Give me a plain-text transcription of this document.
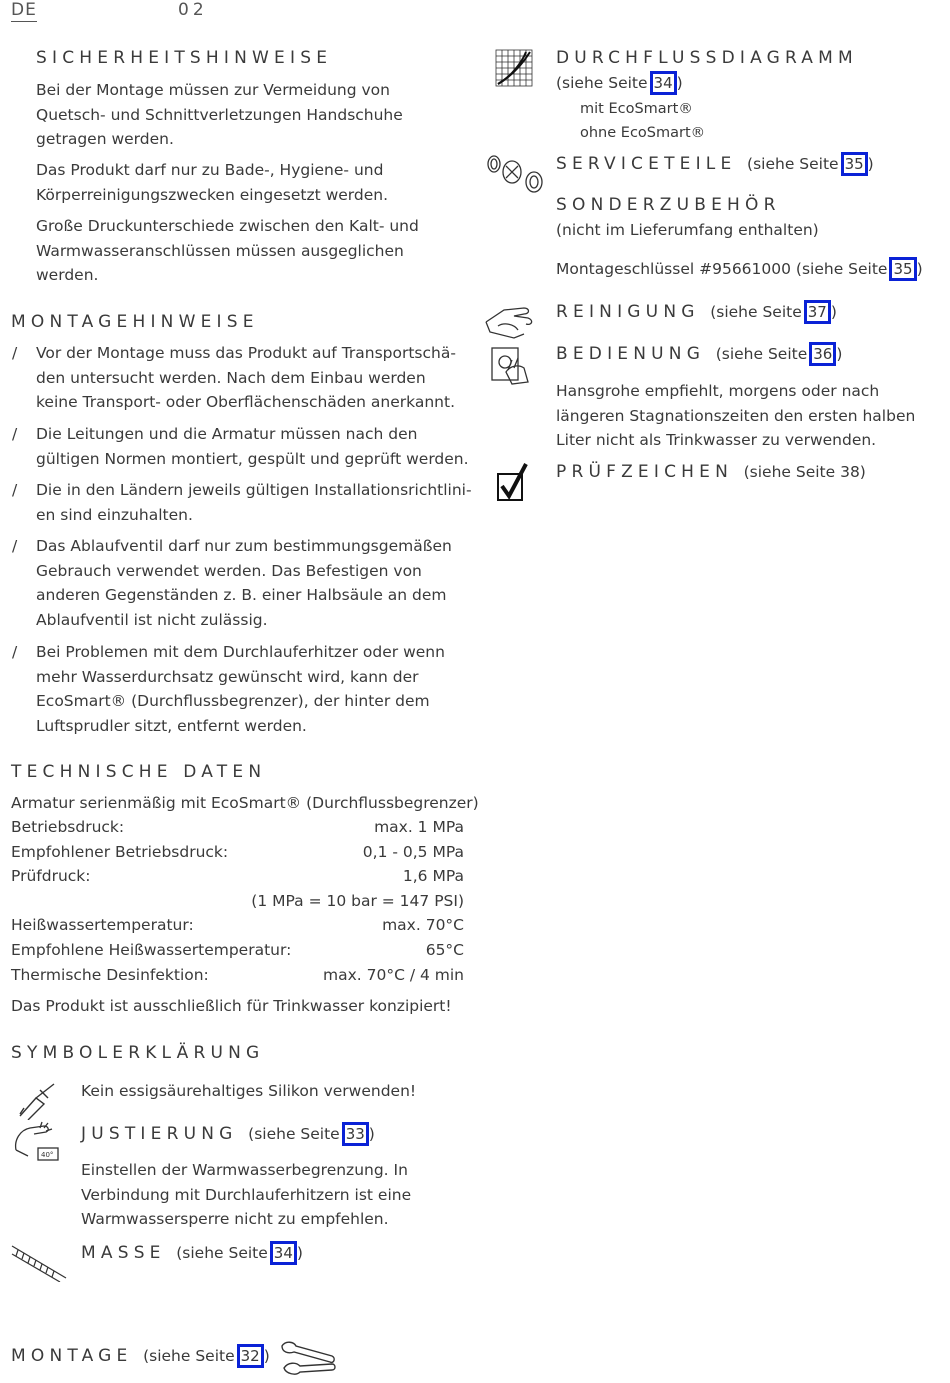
DE	02
SICHERHEITSHINWEISE
Bei der Montage müssen zur Vermeidung von
Quetsch- und Schnittverletzungen Handschuhe
getragen werden.
Das Produkt darf nur zu Bade-, Hygiene- und
Körperreinigungszwecken eingesetzt werden.
Große Druckunterschiede zwischen den Kalt- und
Warmwasseranschlüssen müssen ausgeglichen
werden.
MONTAGEHINWEISE
/ Vor der Montage muss das Produkt auf Transportschä-
den untersucht werden. Nach dem Einbau werden
keine Transport- oder Oberflächenschäden anerkannt.
/ Die Leitungen und die Armatur müssen nach den
gültigen Normen montiert, gespült und geprüft werden.
/ Die in den Ländern jeweils gültigen Installationsrichtlini-
en sind einzuhalten.
/ Das Ablaufventil darf nur zum bestimmungsgemäßen
Gebrauch verwendet werden. Das Befestigen von
anderen Gegenständen z. B. einer Halbsäule an dem
Ablaufventil ist nicht zulässig.
/ Bei Problemen mit dem Durchlauferhitzer oder wenn
mehr Wasserdurchsatz gewünscht wird, kann der
EcoSmart® (Durchflussbegrenzer), der hinter dem
Luftsprudler sitzt, entfernt werden.
TECHNISCHE DATEN
Armatur serienmäßig mit EcoSmart® (Durchflussbegrenzer)
Betriebsdruck:	max. 1 MPa
Empfohlener Betriebsdruck:	0,1 - 0,5 MPa
Prüfdruck:	1,6 MPa
(1 MPa = 10 bar = 147 PSI)
Heißwassertemperatur:	max. 70°C
Empfohlene Heißwassertemperatur:	65°C
Thermische Desinfektion:	max. 70°C / 4 min
Das Produkt ist ausschließlich für Trinkwasser konzipiert!
SYMBOLERKLÄRUNG
Kein essigsäurehaltiges Silikon verwenden!
40°
JUSTIERUNG (siehe Seite 33 )
Einstellen der Warmwasserbegrenzung. In
Verbindung mit Durchlauferhitzern ist eine
Warmwassersperre nicht zu empfehlen.
MASSE (siehe Seite 34 )
MONTAGE (siehe Seite 32 )
DURCHFLUSSDIAGRAMM
(siehe Seite 34 )
mit EcoSmart®
ohne EcoSmart®
SERVICETEILE (siehe Seite 35 )
SONDERZUBEHÖR
(nicht im Lieferumfang enthalten)
Montageschlüssel #95661000 (siehe Seite 35 )
REINIGUNG (siehe Seite 37 )
BEDIENUNG (siehe Seite 36 )
Hansgrohe empfiehlt, morgens oder nach
längeren Stagnationszeiten den ersten halben
Liter nicht als Trinkwasser zu verwenden.
PRÜFZEICHEN (siehe Seite 38)
